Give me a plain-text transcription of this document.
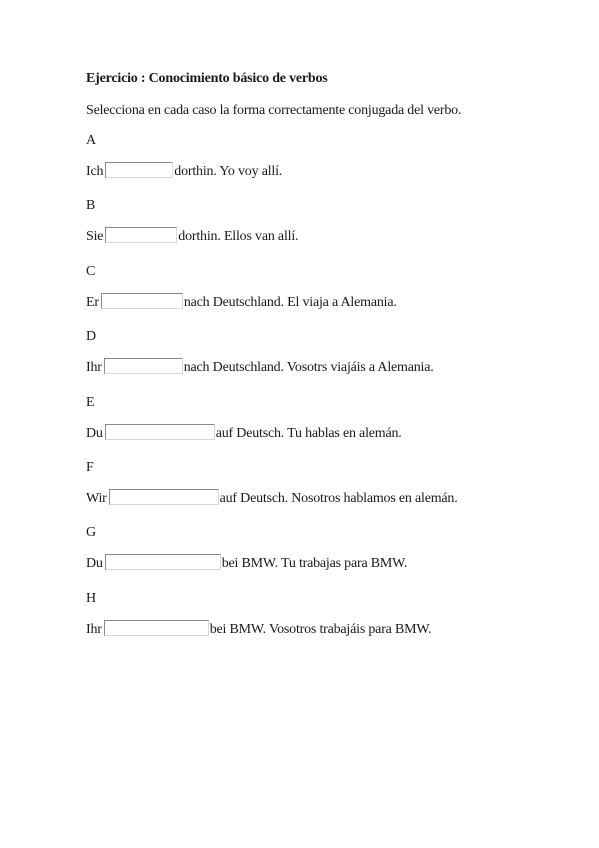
Ejercicio : Conocimiento básico de verbos
Selecciona en cada caso la forma correctamente conjugada del verbo.
A
Ich	dorthin. Yo voy allí.
B
Sie	dorthin. Ellos van allí.
C
Er	nach Deutschland. El viaja a Alemania.
D
Ihr	nach Deutschland. Vosotrs viajáis a Alemania.
E
Du	auf Deutsch. Tu hablas en alemán.
F
Wir	auf Deutsch. Nosotros hablamos en alemán.
G
Du	bei BMW. Tu trabajas para BMW.
H
Ihr	bei BMW. Vosotros trabajáis para BMW.
